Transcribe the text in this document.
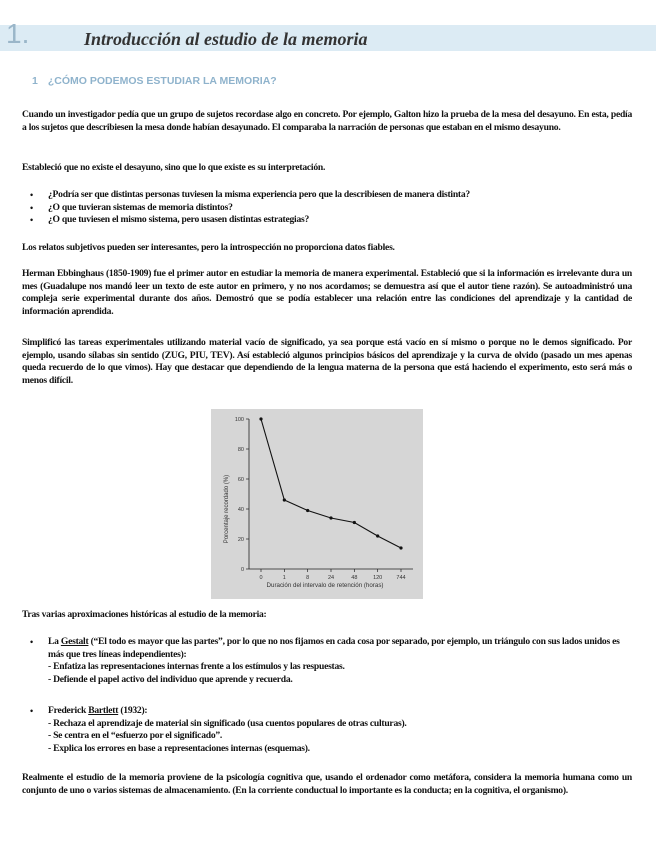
1.	Introducción al estudio de la memoria
1 ¿CÓMO PODEMOS ESTUDIAR LA MEMORIA?
Cuando un investigador pedía que un grupo de sujetos recordase algo en concreto. Por ejemplo, Galton hizo la prueba de la mesa del desayuno. En esta, pedía a los sujetos que describiesen la mesa donde habían desayunado. El comparaba la narración de personas que estaban en el mismo desayuno.
Estableció que no existe el desayuno, sino que lo que existe es su interpretación.
• ¿Podría ser que distintas personas tuviesen la misma experiencia pero que la describiesen de manera distinta?
• ¿O que tuvieran sistemas de memoria distintos?
• ¿O que tuviesen el mismo sistema, pero usasen distintas estrategias?
Los relatos subjetivos pueden ser interesantes, pero la introspección no proporciona datos fiables.
Herman Ebbinghaus (1850-1909) fue el primer autor en estudiar la memoria de manera experimental. Estableció que si la información es irrelevante dura un mes (Guadalupe nos mandó leer un texto de este autor en primero, y no nos acordamos; se demuestra así que el autor tiene razón). Se autoadministró una compleja serie experimental durante dos años. Demostró que se podía establecer una relación entre las condiciones del aprendizaje y la cantidad de información aprendida.
Simplificó las tareas experimentales utilizando material vacío de significado, ya sea porque está vacío en sí mismo o porque no le demos significado. Por ejemplo, usando sílabas sin sentido (ZUG, PIU, TEV). Así estableció algunos principios básicos del aprendizaje y la curva de olvido (pasado un mes apenas queda recuerdo de lo que vimos). Hay que destacar que dependiendo de la lengua materna de la persona que está haciendo el experimento, esto será más o menos difícil.
Porcentaje recordado (%)
Duración del intervalo de retención (horas)
0
20
40
60
80
100
0	1	8	24	48	120	744
Tras varias aproximaciones históricas al estudio de la memoria:
• La Gestalt (“El todo es mayor que las partes”, por lo que no nos fijamos en cada cosa por separado, por ejemplo, un triángulo con sus lados unidos es más que tres líneas independientes):
- Enfatiza las representaciones internas frente a los estímulos y las respuestas.
- Defiende el papel activo del individuo que aprende y recuerda.
• Frederick Bartlett (1932):
- Rechaza el aprendizaje de material sin significado (usa cuentos populares de otras culturas).
- Se centra en el “esfuerzo por el significado”.
- Explica los errores en base a representaciones internas (esquemas).
Realmente el estudio de la memoria proviene de la psicología cognitiva que, usando el ordenador como metáfora, considera la memoria humana como un conjunto de uno o varios sistemas de almacenamiento. (En la corriente conductual lo importante es la conducta; en la cognitiva, el organismo).
